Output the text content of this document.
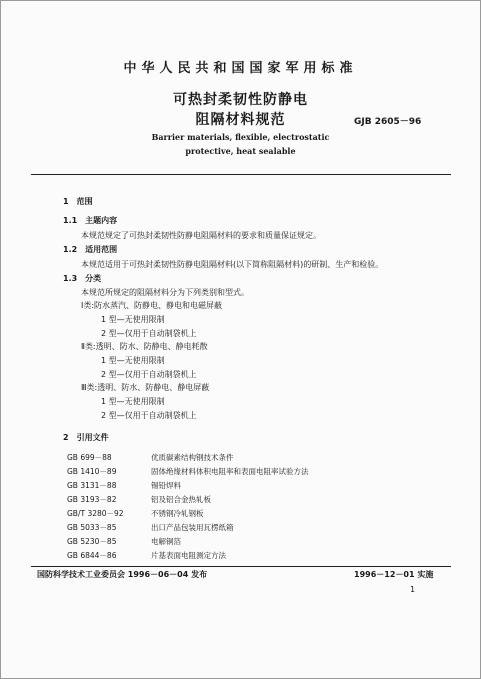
中华人民共和国国家军用标准
可热封柔韧性防静电
阻隔材料规范	GJB 2605－96
Barrier materials, flexible, electrostatic
protective, heat sealable
1　范围
1.1　主题内容
本规范规定了可热封柔韧性防静电阻隔材料的要求和质量保证规定。
1.2　适用范围
本规范适用于可热封柔韧性防静电阻隔材料(以下简称阻隔材料)的研制、生产和检验。
1.3　分类
本规范所规定的阻隔材料分为下列类别和型式。
Ⅰ类:防水蒸汽、防静电、静电和电磁屏蔽
1 型—无使用限制
2 型—仅用于自动制袋机上
Ⅱ类:透明、防水、防静电、静电耗散
1 型—无使用限制
2 型—仅用于自动制袋机上
Ⅲ类:透明、防水、防静电、静电屏蔽
1 型—无使用限制
2 型—仅用于自动制袋机上
2　引用文件
GB 699－88	优质碳素结构钢技术条件
GB 1410－89	固体绝缘材料体积电阻率和表面电阻率试验方法
GB 3131－88	锡铅焊料
GB 3193－82	铝及铝合金热轧板
GB/T 3280－92	不锈钢冷轧钢板
GB 5033－85	出口产品包装用瓦楞纸箱
GB 5230－85	电解铜箔
GB 6844－86	片基表面电阻测定方法
国防科学技术工业委员会 1996－06－04 发布	1996－12－01 实施
1
